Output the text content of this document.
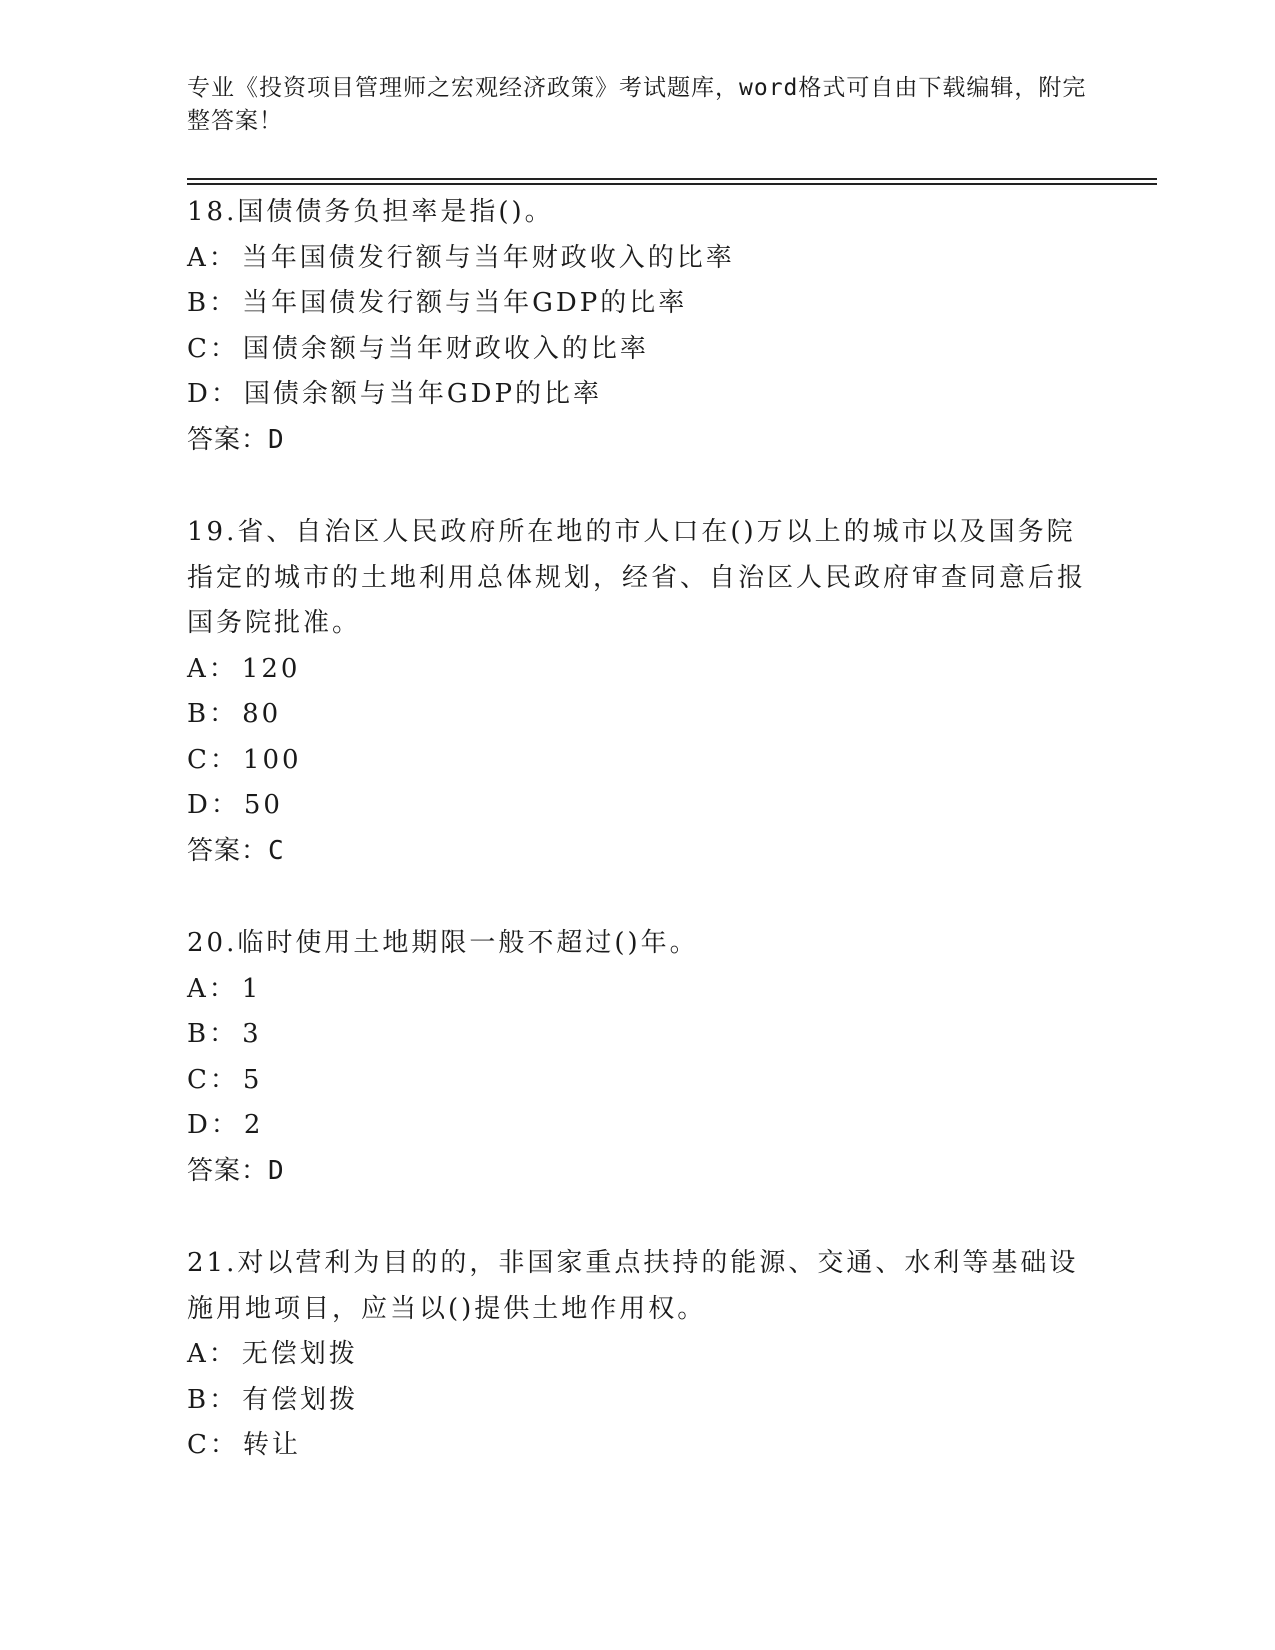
专业《投资项目管理师之宏观经济政策》考试题库，word格式可自由下载编辑，附完整答案！
18.国债债务负担率是指()。
A： 当年国债发行额与当年财政收入的比率
B： 当年国债发行额与当年GDP的比率
C： 国债余额与当年财政收入的比率
D： 国债余额与当年GDP的比率
答案：D
19.省、自治区人民政府所在地的市人口在()万以上的城市以及国务院指定的城市的土地利用总体规划，经省、自治区人民政府审查同意后报国务院批准。
A： 120
B： 80
C： 100
D： 50
答案：C
20.临时使用土地期限一般不超过()年。
A： 1
B： 3
C： 5
D： 2
答案：D
21.对以营利为目的的，非国家重点扶持的能源、交通、水利等基础设施用地项目，应当以()提供土地作用权。
A： 无偿划拨
B： 有偿划拨
C： 转让
